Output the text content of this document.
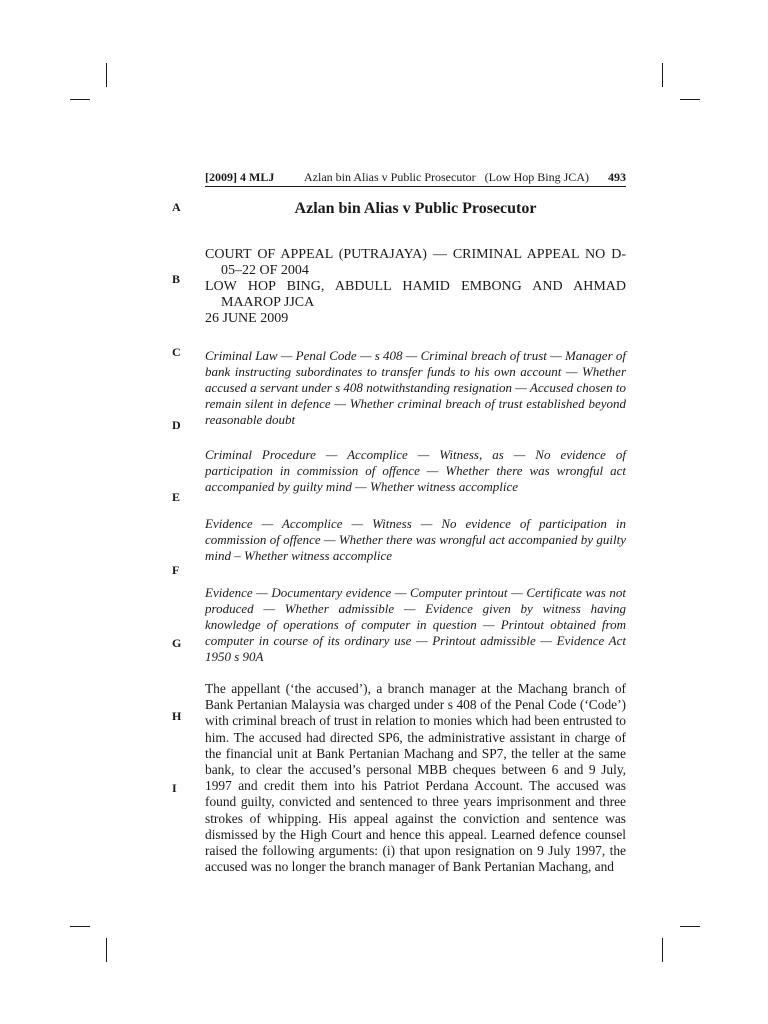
[2009] 4 MLJ Azlan bin Alias v Public Prosecutor   (Low Hop Bing JCA) 493
A
B
C
D
E
F
G
H
I
Azlan bin Alias v Public Prosecutor
COURT OF APPEAL (PUTRAJAYA) — CRIMINAL APPEAL NO D-05–22 OF 2004
LOW HOP BING, ABDULL HAMID EMBONG AND AHMAD MAAROP JJCA
26 JUNE 2009
Criminal Law — Penal Code — s 408 — Criminal breach of trust — Manager of bank instructing subordinates to transfer funds to his own account — Whether accused a servant under s 408 notwithstanding resignation — Accused chosen to remain silent in defence — Whether criminal breach of trust established beyond reasonable doubt
Criminal Procedure — Accomplice — Witness, as — No evidence of participation in commission of offence — Whether there was wrongful act accompanied by guilty mind — Whether witness accomplice
Evidence — Accomplice — Witness — No evidence of participation in commission of offence — Whether there was wrongful act accompanied by guilty mind – Whether witness accomplice
Evidence — Documentary evidence — Computer printout — Certificate was not produced — Whether admissible — Evidence given by witness having knowledge of operations of computer in question — Printout obtained from computer in course of its ordinary use — Printout admissible — Evidence Act 1950 s 90A
The appellant (‘the accused’), a branch manager at the Machang branch of Bank Pertanian Malaysia was charged under s 408 of the Penal Code (‘Code’) with criminal breach of trust in relation to monies which had been entrusted to him. The accused had directed SP6, the administrative assistant in charge of the financial unit at Bank Pertanian Machang and SP7, the teller at the same bank, to clear the accused’s personal MBB cheques between 6 and 9 July, 1997 and credit them into his Patriot Perdana Account. The accused was found guilty, convicted and sentenced to three years imprisonment and three strokes of whipping. His appeal against the conviction and sentence was dismissed by the High Court and hence this appeal. Learned defence counsel raised the following arguments: (i) that upon resignation on 9 July 1997, the accused was no longer the branch manager of Bank Pertanian Machang, and
